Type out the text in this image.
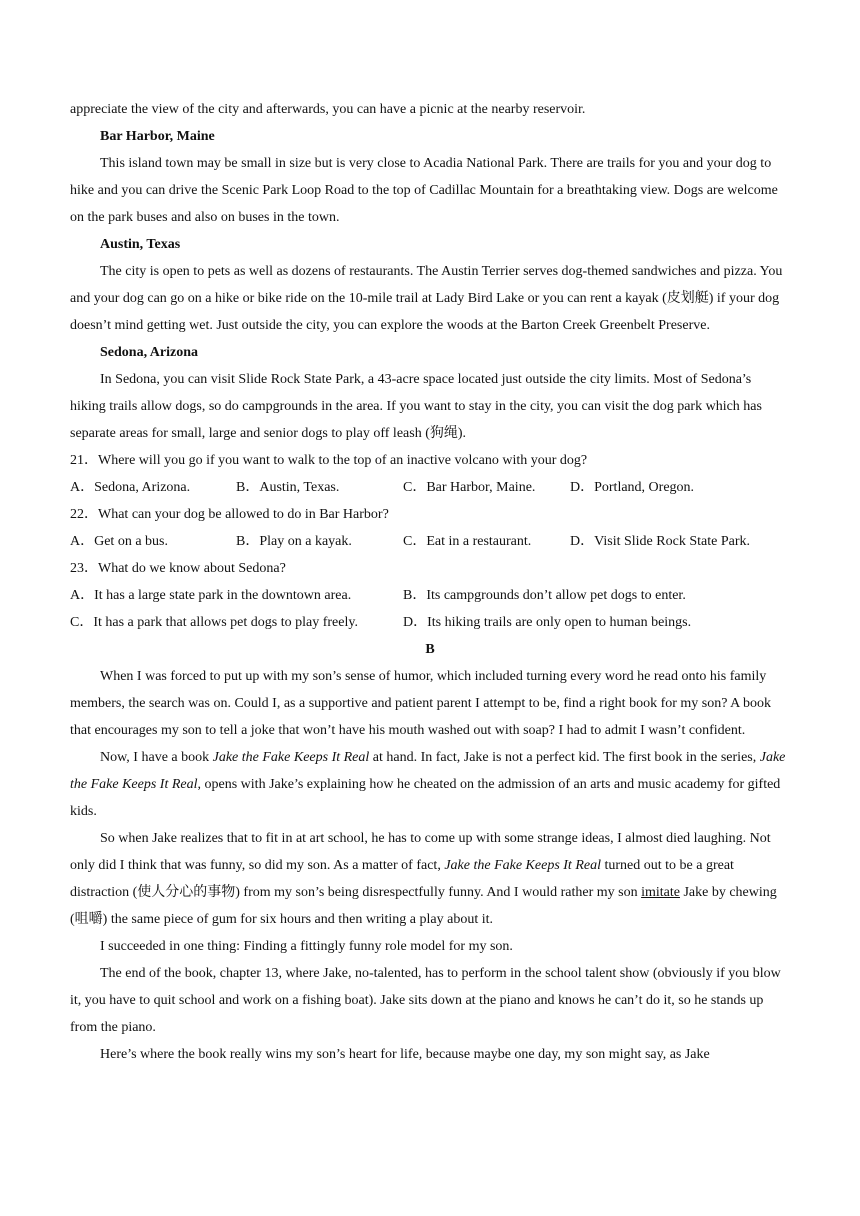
appreciate the view of the city and afterwards, you can have a picnic at the nearby reservoir.

Bar Harbor, Maine

This island town may be small in size but is very close to Acadia National Park. There are trails for you and your dog to hike and you can drive the Scenic Park Loop Road to the top of Cadillac Mountain for a breathtaking view. Dogs are welcome on the park buses and also on buses in the town.

Austin, Texas

The city is open to pets as well as dozens of restaurants. The Austin Terrier serves dog-themed sandwiches and pizza. You and your dog can go on a hike or bike ride on the 10-mile trail at Lady Bird Lake or you can rent a kayak (皮划艇) if your dog doesn’t mind getting wet. Just outside the city, you can explore the woods at the Barton Creek Greenbelt Preserve.

Sedona, Arizona

In Sedona, you can visit Slide Rock State Park, a 43-acre space located just outside the city limits. Most of Sedona’s hiking trails allow dogs, so do campgrounds in the area. If you want to stay in the city, you can visit the dog park which has separate areas for small, large and senior dogs to play off leash (狗绳).

21．Where will you go if you want to walk to the top of an inactive volcano with your dog?

A．Sedona, Arizona.	B．Austin, Texas.	C．Bar Harbor, Maine.	D．Portland, Oregon.

22．What can your dog be allowed to do in Bar Harbor?

A．Get on a bus.	B．Play on a kayak.	C．Eat in a restaurant.	D．Visit Slide Rock State Park.

23．What do we know about Sedona?

A．It has a large state park in the downtown area.	B．Its campgrounds don’t allow pet dogs to enter.
C．It has a park that allows pet dogs to play freely.	D．Its hiking trails are only open to human beings.

B

When I was forced to put up with my son’s sense of humor, which included turning every word he read onto his family members, the search was on. Could I, as a supportive and patient parent I attempt to be, find a right book for my son? A book that encourages my son to tell a joke that won’t have his mouth washed out with soap? I had to admit I wasn’t confident.

Now, I have a book Jake the Fake Keeps It Real at hand. In fact, Jake is not a perfect kid. The first book in the series, Jake the Fake Keeps It Real, opens with Jake’s explaining how he cheated on the admission of an arts and music academy for gifted kids.

So when Jake realizes that to fit in at art school, he has to come up with some strange ideas, I almost died laughing. Not only did I think that was funny, so did my son. As a matter of fact, Jake the Fake Keeps It Real turned out to be a great distraction (使人分心的事物) from my son’s being disrespectfully funny. And I would rather my son imitate Jake by chewing (咀嚼) the same piece of gum for six hours and then writing a play about it.

I succeeded in one thing: Finding a fittingly funny role model for my son.

The end of the book, chapter 13, where Jake, no-talented, has to perform in the school talent show (obviously if you blow it, you have to quit school and work on a fishing boat). Jake sits down at the piano and knows he can’t do it, so he stands up from the piano.

Here’s where the book really wins my son’s heart for life, because maybe one day, my son might say, as Jake
